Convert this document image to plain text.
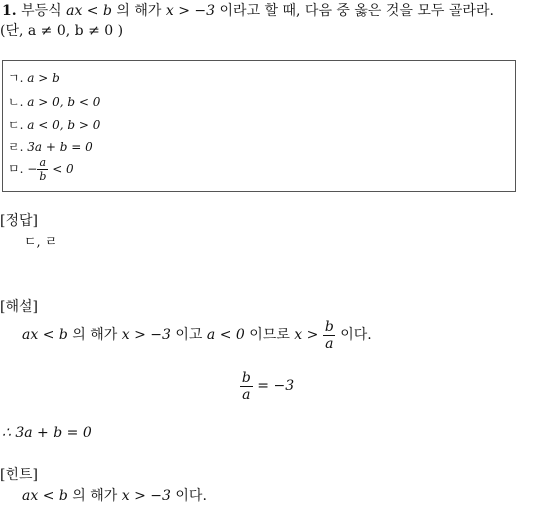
1. 부등식 ax < b 의 해가 x > −3 이라고 할 때, 다음 중 옳은 것을 모두 골라라.
(단, a ≠ 0, b ≠ 0 )
ㄱ. a > b
ㄴ. a > 0, b < 0
ㄷ. a < 0, b > 0
ㄹ. 3a + b = 0
ㅁ. − $\frac{a}{b} < 0$
[정답]
ㄷ, ㄹ
[해설]
ax < b 의 해가 x > −3 이고 a < 0 이므로 $x > \frac{b}{a}$ 이다.
$\frac{b}{a} = -3$
∴ 3a + b = 0
[힌트]
ax < b 의 해가 x > −3 이다.
